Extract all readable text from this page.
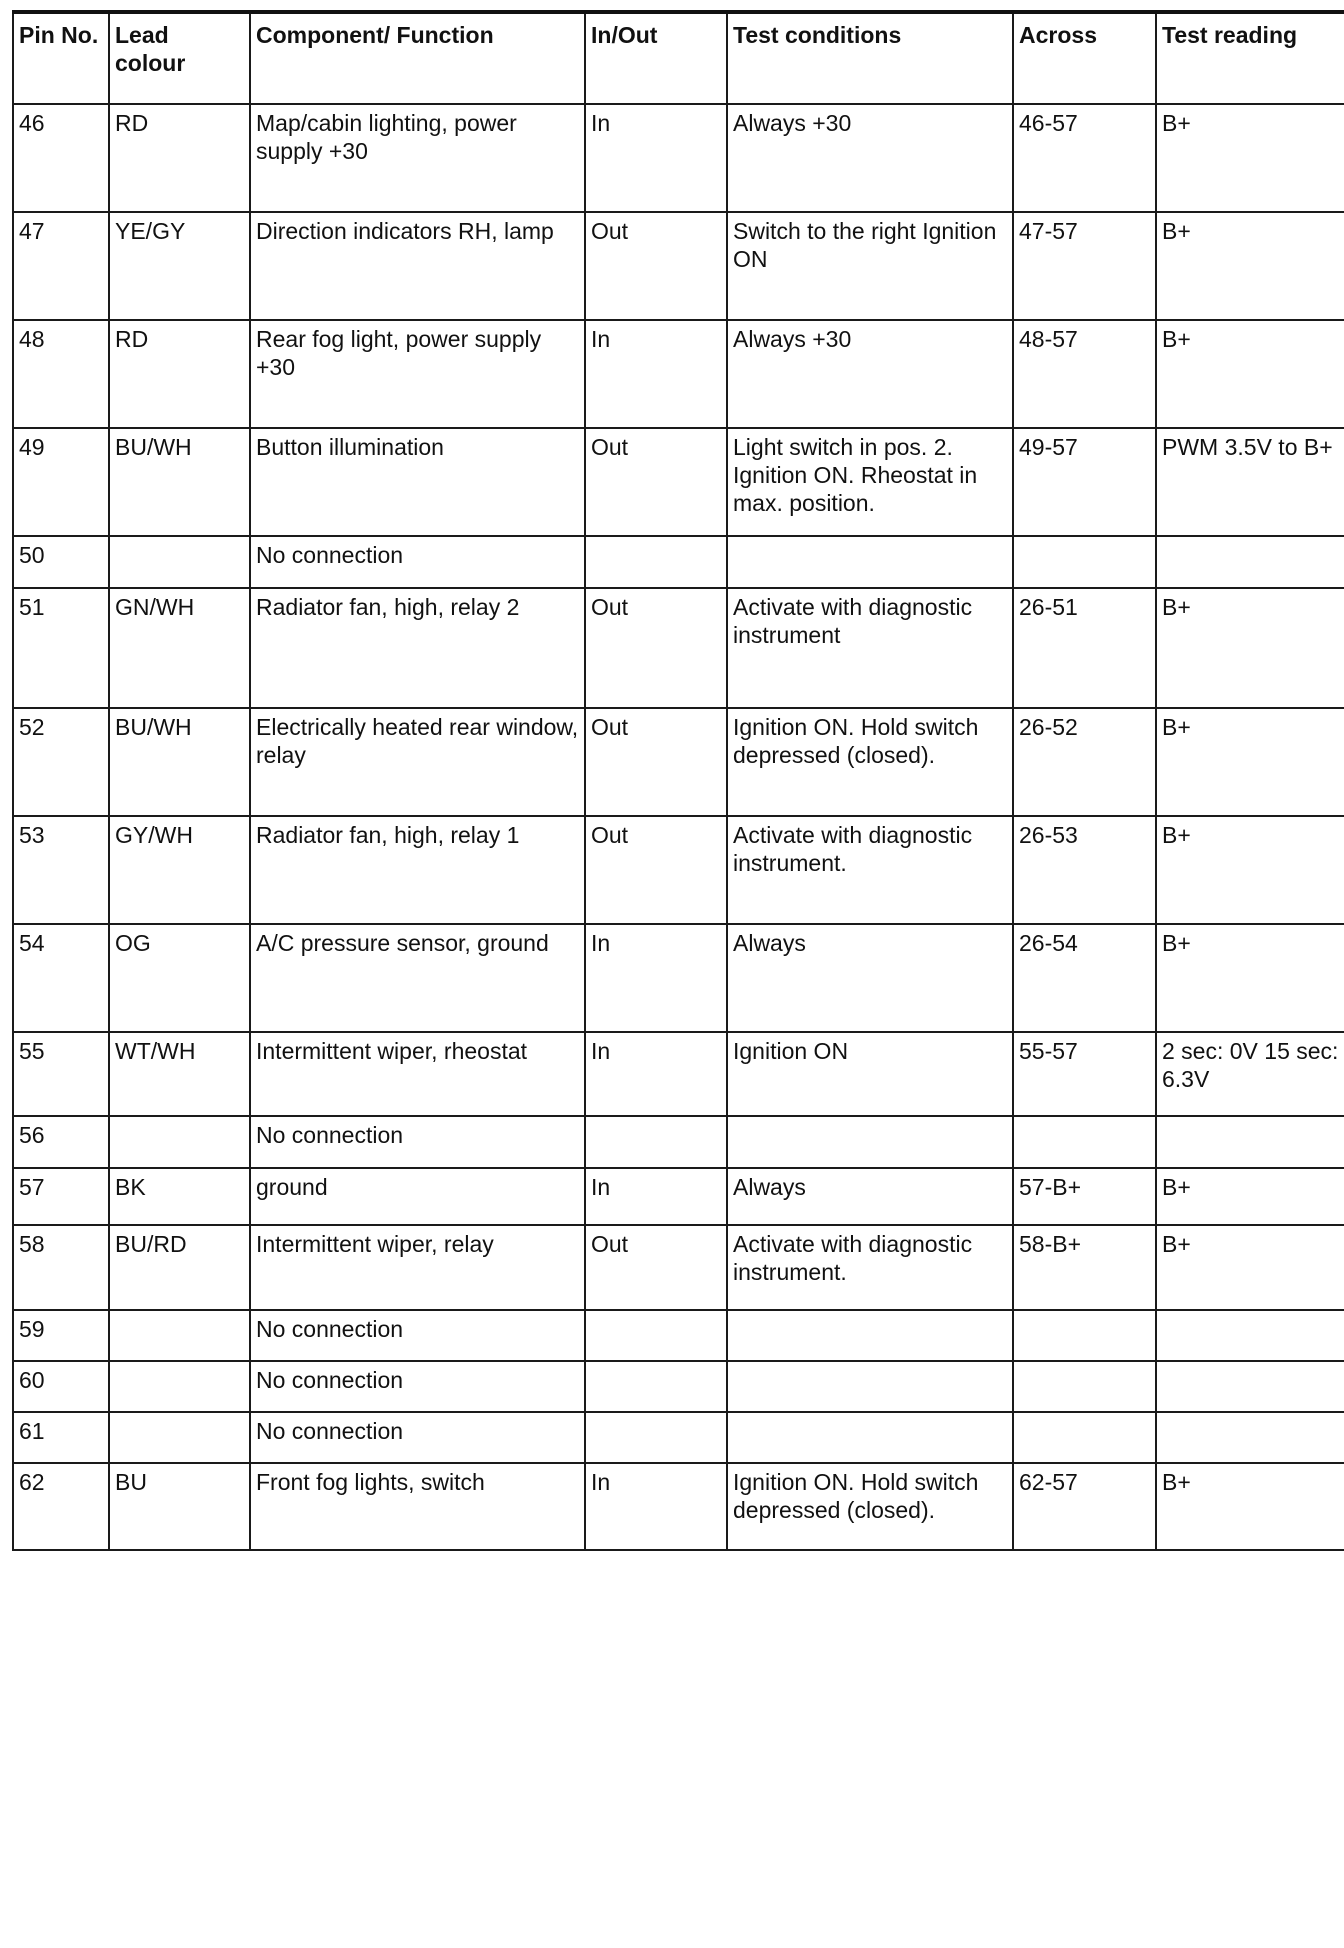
Pin No.	Lead colour	Component/ Function	In/Out	Test conditions	Across	Test reading
46	RD	Map/cabin lighting, power supply +30	In	Always +30	46-57	B+
47	YE/GY	Direction indicators RH, lamp	Out	Switch to the right Ignition ON	47-57	B+
48	RD	Rear fog light, power supply +30	In	Always +30	48-57	B+
49	BU/WH	Button illumination	Out	Light switch in pos. 2. Ignition ON. Rheostat in max. position.	49-57	PWM 3.5V to B+
50		No connection				
51	GN/WH	Radiator fan, high, relay 2	Out	Activate with diagnostic instrument	26-51	B+
52	BU/WH	Electrically heated rear window, relay	Out	Ignition ON. Hold switch depressed (closed).	26-52	B+
53	GY/WH	Radiator fan, high, relay 1	Out	Activate with diagnostic instrument.	26-53	B+
54	OG	A/C pressure sensor, ground	In	Always	26-54	B+
55	WT/WH	Intermittent wiper, rheostat	In	Ignition ON	55-57	2 sec: 0V 15 sec: 6.3V
56		No connection				
57	BK	ground	In	Always	57-B+	B+
58	BU/RD	Intermittent wiper, relay	Out	Activate with diagnostic instrument.	58-B+	B+
59		No connection				
60		No connection				
61		No connection				
62	BU	Front fog lights, switch	In	Ignition ON. Hold switch depressed (closed).	62-57	B+
